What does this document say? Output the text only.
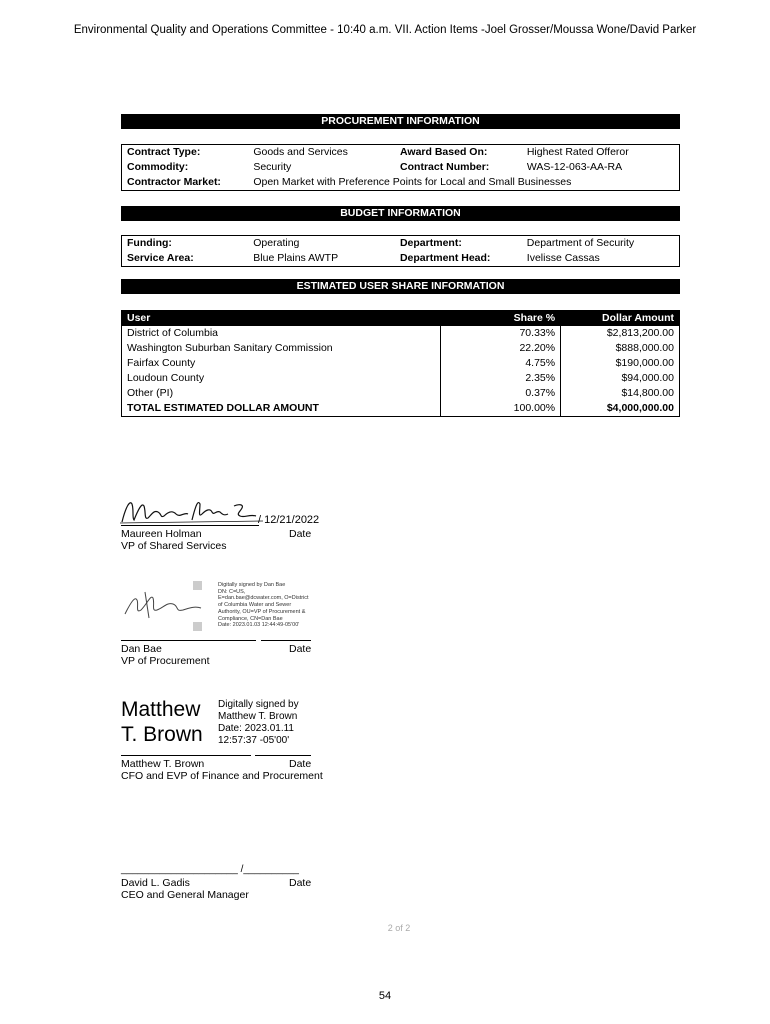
Environmental Quality and Operations Committee - 10:40 a.m. VII. Action Items -Joel Grosser/Moussa Wone/David Parker
PROCUREMENT INFORMATION
Contract Type:	Goods and Services	Award Based On:	Highest Rated Offeror
Commodity:	Security	Contract Number:	WAS-12-063-AA-RA
Contractor Market:	Open Market with Preference Points for Local and Small Businesses		
BUDGET INFORMATION
Funding:	Operating	Department:	Department of Security
Service Area:	Blue Plains AWTP	Department Head:	Ivelisse Cassas
ESTIMATED USER SHARE INFORMATION
User	Share %	Dollar Amount
District of Columbia	70.33%	$2,813,200.00
Washington Suburban Sanitary Commission	22.20%	$888,000.00
Fairfax County	4.75%	$190,000.00
Loudoun County	2.35%	$94,000.00
Other (PI)	0.37%	$14,800.00
TOTAL ESTIMATED DOLLAR AMOUNT	100.00%	$4,000,000.00
/ 12/21/2022
Maureen Holman	Date
VP of Shared Services
Digitally signed by Dan Bae
DN: C=US,
E=dan.bae@dcwater.com, O=District
of Columbia Water and Sewer
Authority, OU=VP of Procurement &
Compliance, CN=Dan Bae
Date: 2023.01.03 12:44:49-05'00'
Dan Bae	Date
VP of Procurement
Matthew
T. Brown
Digitally signed by
Matthew T. Brown
Date: 2023.01.11
12:57:37 -05'00'
Matthew T. Brown	Date
CFO and EVP of Finance and Procurement
_____________________ /__________
David L. Gadis	Date
CEO and General Manager
2 of 2
54
